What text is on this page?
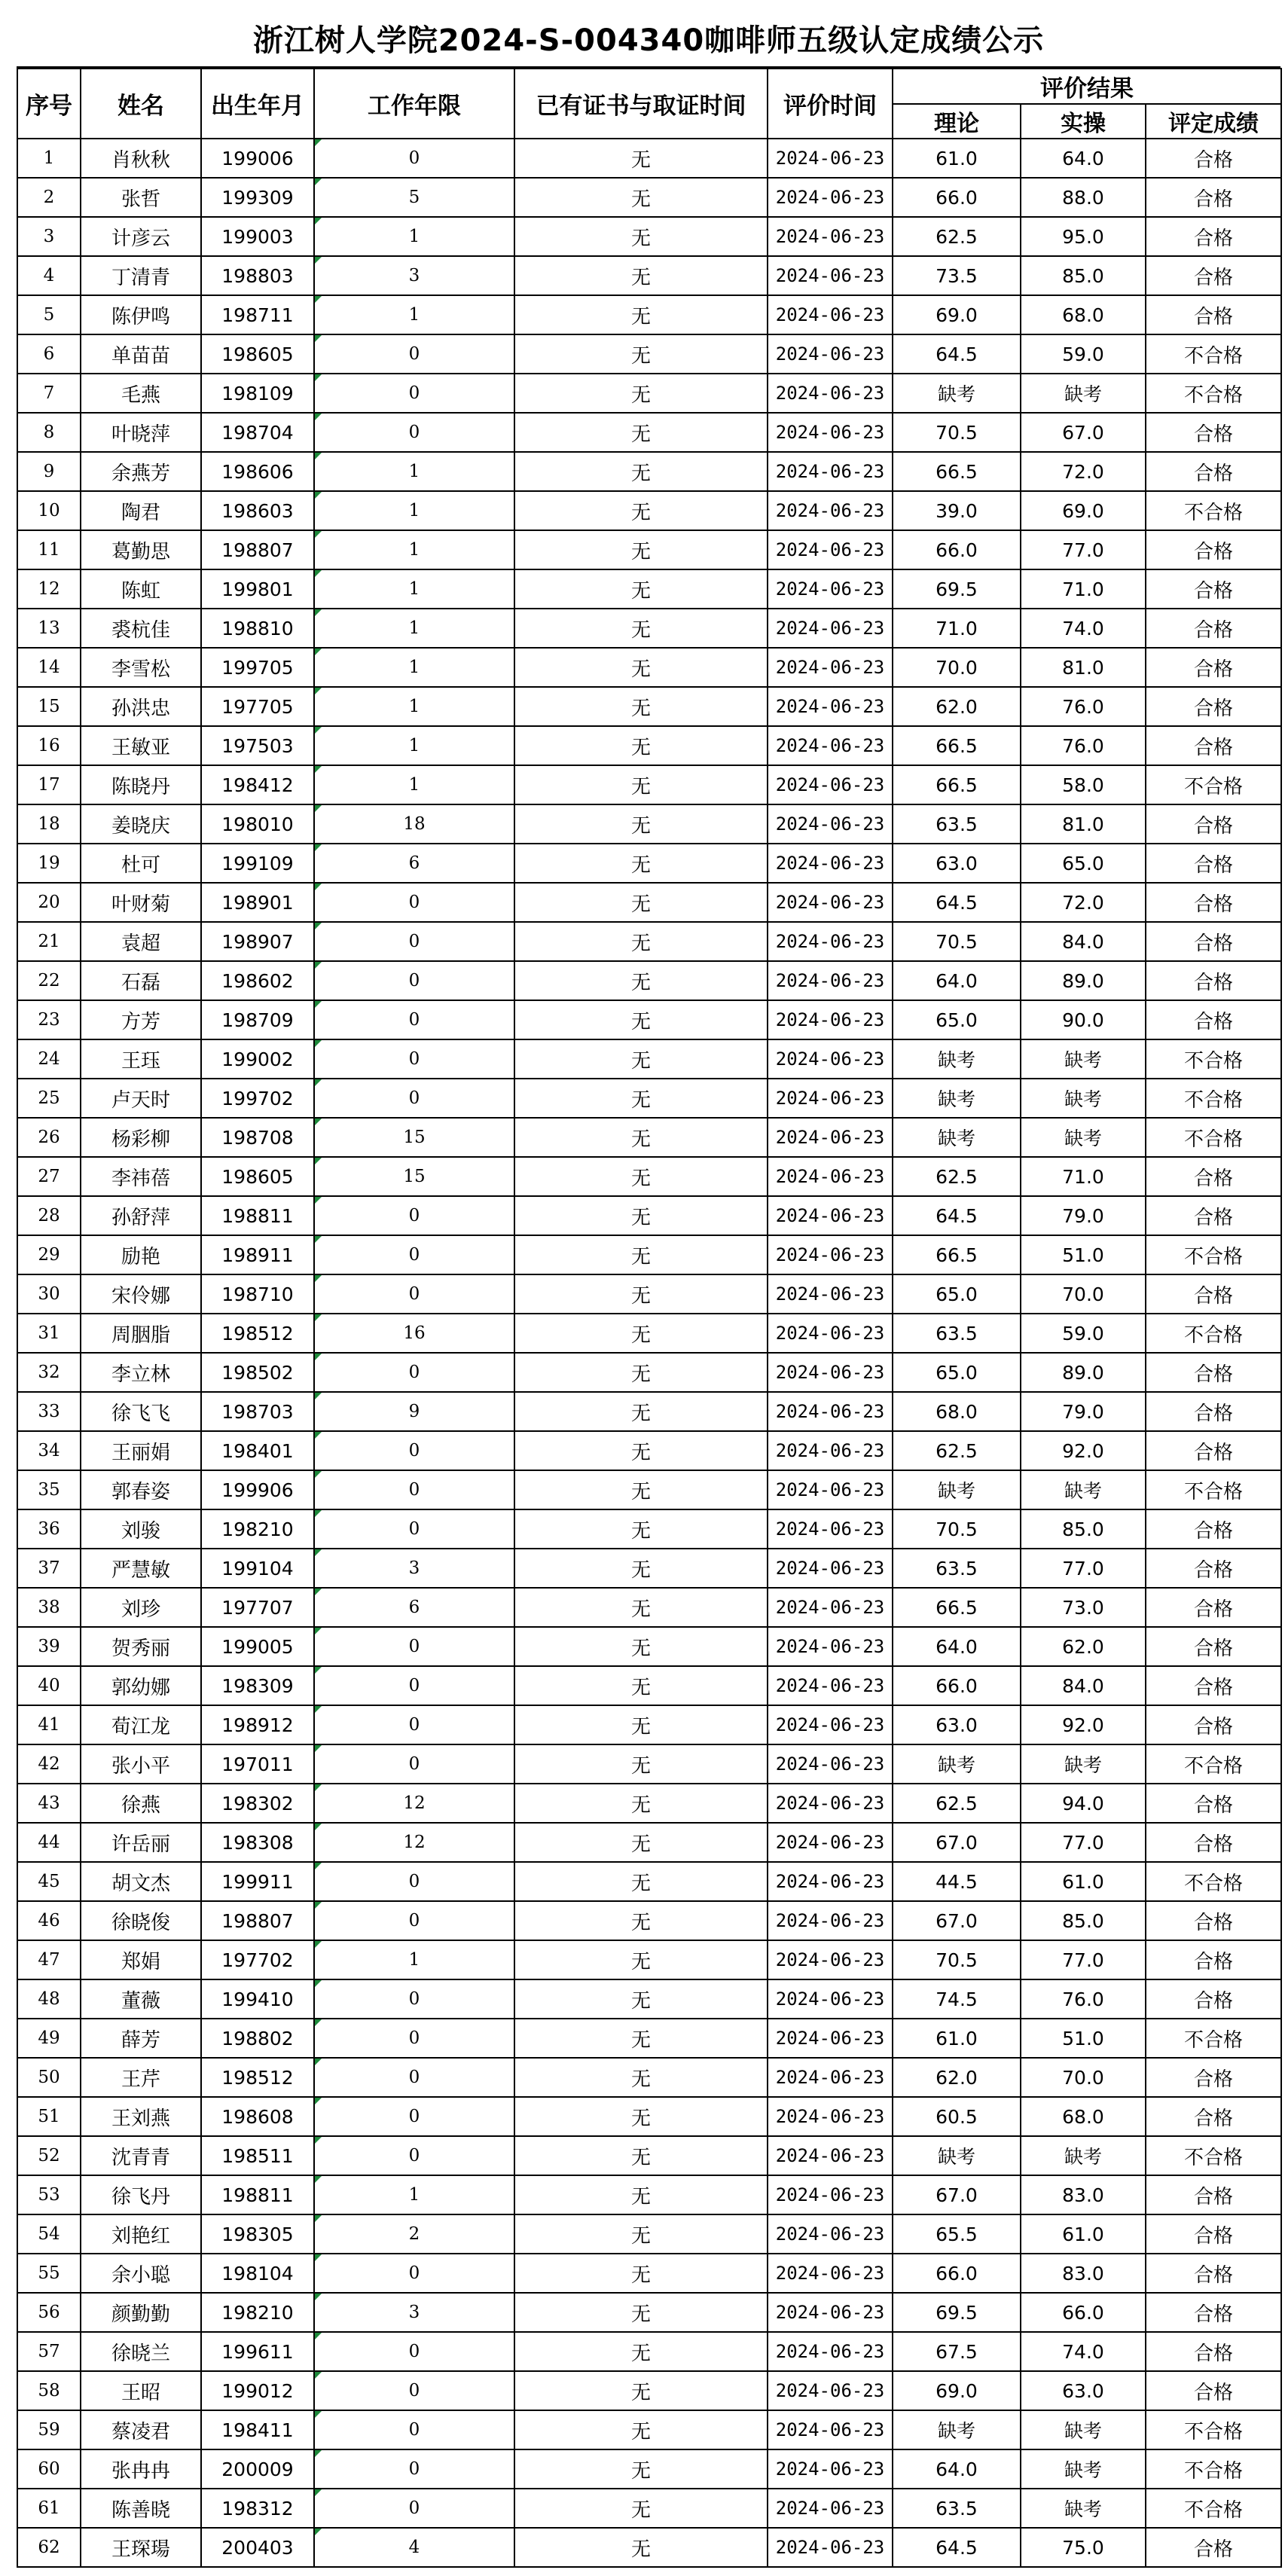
浙江树人学院2024-S-004340咖啡师五级认定成绩公示
序号	姓名	出生年月	工作年限	已有证书与取证时间	评价时间	评价结果		
						理论	实操	评定成绩
1	肖秋秋	199006	0	无	2024-06-23	61.0	64.0	合格
2	张哲	199309	5	无	2024-06-23	66.0	88.0	合格
3	计彦云	199003	1	无	2024-06-23	62.5	95.0	合格
4	丁清青	198803	3	无	2024-06-23	73.5	85.0	合格
5	陈伊鸣	198711	1	无	2024-06-23	69.0	68.0	合格
6	单苗苗	198605	0	无	2024-06-23	64.5	59.0	不合格
7	毛燕	198109	0	无	2024-06-23	缺考	缺考	不合格
8	叶晓萍	198704	0	无	2024-06-23	70.5	67.0	合格
9	余燕芳	198606	1	无	2024-06-23	66.5	72.0	合格
10	陶君	198603	1	无	2024-06-23	39.0	69.0	不合格
11	葛勤思	198807	1	无	2024-06-23	66.0	77.0	合格
12	陈虹	199801	1	无	2024-06-23	69.5	71.0	合格
13	裘杭佳	198810	1	无	2024-06-23	71.0	74.0	合格
14	李雪松	199705	1	无	2024-06-23	70.0	81.0	合格
15	孙洪忠	197705	1	无	2024-06-23	62.0	76.0	合格
16	王敏亚	197503	1	无	2024-06-23	66.5	76.0	合格
17	陈晓丹	198412	1	无	2024-06-23	66.5	58.0	不合格
18	姜晓庆	198010	18	无	2024-06-23	63.5	81.0	合格
19	杜可	199109	6	无	2024-06-23	63.0	65.0	合格
20	叶财菊	198901	0	无	2024-06-23	64.5	72.0	合格
21	袁超	198907	0	无	2024-06-23	70.5	84.0	合格
22	石磊	198602	0	无	2024-06-23	64.0	89.0	合格
23	方芳	198709	0	无	2024-06-23	65.0	90.0	合格
24	王珏	199002	0	无	2024-06-23	缺考	缺考	不合格
25	卢天时	199702	0	无	2024-06-23	缺考	缺考	不合格
26	杨彩柳	198708	15	无	2024-06-23	缺考	缺考	不合格
27	李祎蓓	198605	15	无	2024-06-23	62.5	71.0	合格
28	孙舒萍	198811	0	无	2024-06-23	64.5	79.0	合格
29	励艳	198911	0	无	2024-06-23	66.5	51.0	不合格
30	宋伶娜	198710	0	无	2024-06-23	65.0	70.0	合格
31	周胭脂	198512	16	无	2024-06-23	63.5	59.0	不合格
32	李立林	198502	0	无	2024-06-23	65.0	89.0	合格
33	徐飞飞	198703	9	无	2024-06-23	68.0	79.0	合格
34	王丽娟	198401	0	无	2024-06-23	62.5	92.0	合格
35	郭春姿	199906	0	无	2024-06-23	缺考	缺考	不合格
36	刘骏	198210	0	无	2024-06-23	70.5	85.0	合格
37	严慧敏	199104	3	无	2024-06-23	63.5	77.0	合格
38	刘珍	197707	6	无	2024-06-23	66.5	73.0	合格
39	贺秀丽	199005	0	无	2024-06-23	64.0	62.0	合格
40	郭幼娜	198309	0	无	2024-06-23	66.0	84.0	合格
41	荀江龙	198912	0	无	2024-06-23	63.0	92.0	合格
42	张小平	197011	0	无	2024-06-23	缺考	缺考	不合格
43	徐燕	198302	12	无	2024-06-23	62.5	94.0	合格
44	许岳丽	198308	12	无	2024-06-23	67.0	77.0	合格
45	胡文杰	199911	0	无	2024-06-23	44.5	61.0	不合格
46	徐晓俊	198807	0	无	2024-06-23	67.0	85.0	合格
47	郑娟	197702	1	无	2024-06-23	70.5	77.0	合格
48	董薇	199410	0	无	2024-06-23	74.5	76.0	合格
49	薛芳	198802	0	无	2024-06-23	61.0	51.0	不合格
50	王芹	198512	0	无	2024-06-23	62.0	70.0	合格
51	王刘燕	198608	0	无	2024-06-23	60.5	68.0	合格
52	沈青青	198511	0	无	2024-06-23	缺考	缺考	不合格
53	徐飞丹	198811	1	无	2024-06-23	67.0	83.0	合格
54	刘艳红	198305	2	无	2024-06-23	65.5	61.0	合格
55	余小聪	198104	0	无	2024-06-23	66.0	83.0	合格
56	颜勤勤	198210	3	无	2024-06-23	69.5	66.0	合格
57	徐晓兰	199611	0	无	2024-06-23	67.5	74.0	合格
58	王昭	199012	0	无	2024-06-23	69.0	63.0	合格
59	蔡凌君	198411	0	无	2024-06-23	缺考	缺考	不合格
60	张冉冉	200009	0	无	2024-06-23	64.0	缺考	不合格
61	陈善晓	198312	0	无	2024-06-23	63.5	缺考	不合格
62	王琛瑒	200403	4	无	2024-06-23	64.5	75.0	合格
